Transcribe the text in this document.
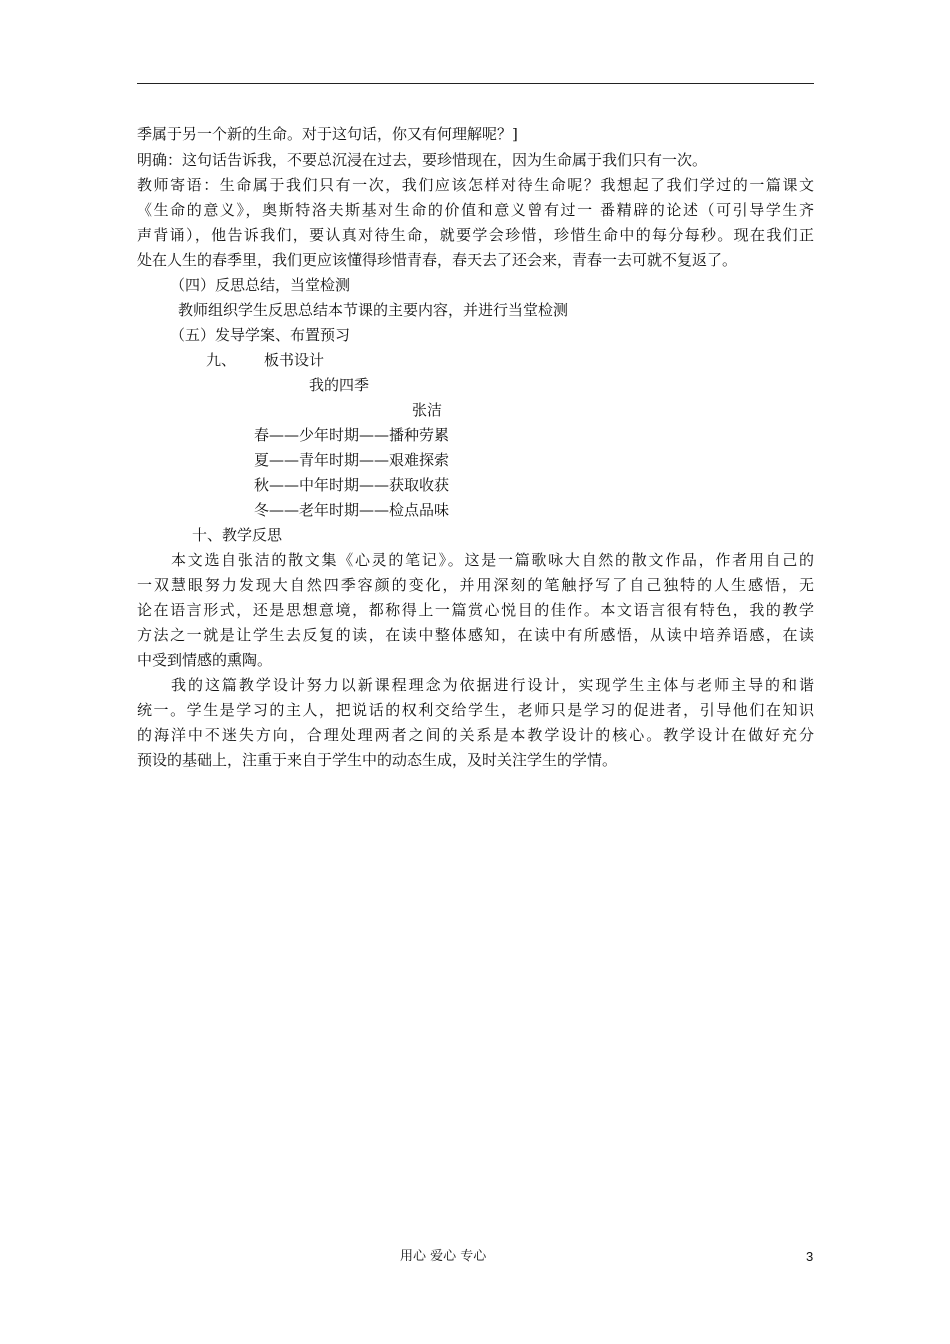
季属于另一个新的生命。对于这句话，你又有何理解呢？]
明确：这句话告诉我，不要总沉浸在过去，要珍惜现在，因为生命属于我们只有一次。
教师寄语：生命属于我们只有一次，我们应该怎样对待生命呢？我想起了我们学过的一篇课文
《生命的意义》，奥斯特洛夫斯基对生命的价值和意义曾有过一 番精辟的论述（可引导学生齐
声背诵），他告诉我们，要认真对待生命，就要学会珍惜，珍惜生命中的每分每秒。现在我们正
处在人生的春季里，我们更应该懂得珍惜青春，春天去了还会来，青春一去可就不复返了。
（四）反思总结，当堂检测
教师组织学生反思总结本节课的主要内容，并进行当堂检测
（五）发导学案、布置预习
九、 板书设计
我的四季
张洁
春——少年时期——播种劳累
夏——青年时期——艰难探索
秋——中年时期——获取收获
冬——老年时期——检点品味
十、教学反思
本文选自张洁的散文集《心灵的笔记》。这是一篇歌咏大自然的散文作品，作者用自己的
一双慧眼努力发现大自然四季容颜的变化，并用深刻的笔触抒写了自己独特的人生感悟，无
论在语言形式，还是思想意境，都称得上一篇赏心悦目的佳作。本文语言很有特色，我的教学
方法之一就是让学生去反复的读，在读中整体感知，在读中有所感悟，从读中培养语感，在读
中受到情感的熏陶。
我的这篇教学设计努力以新课程理念为依据进行设计，实现学生主体与老师主导的和谐
统一。学生是学习的主人，把说话的权利交给学生，老师只是学习的促进者，引导他们在知识
的海洋中不迷失方向，合理处理两者之间的关系是本教学设计的核心。教学设计在做好充分
预设的基础上，注重于来自于学生中的动态生成，及时关注学生的学情。
用心 爱心 专心	3
